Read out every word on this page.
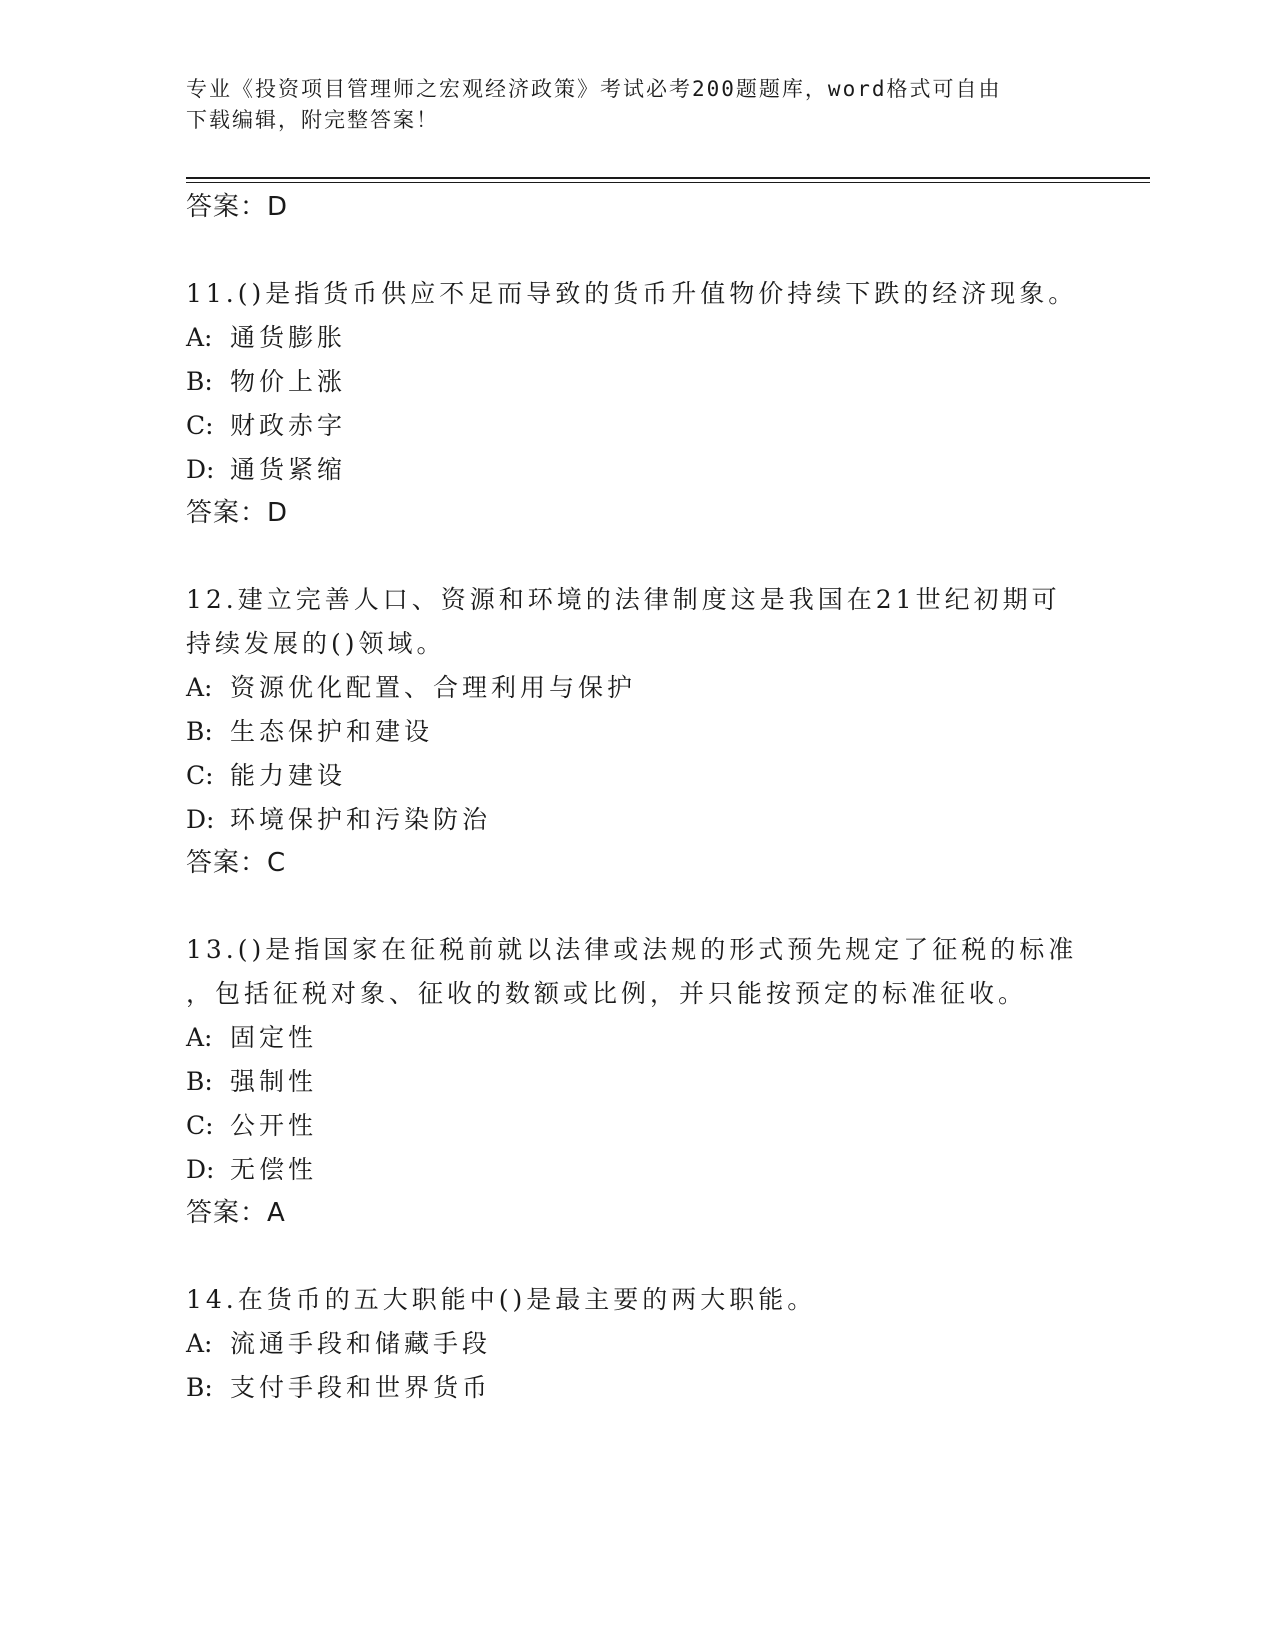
专业《投资项目管理师之宏观经济政策》考试必考200题题库，word格式可自由
下载编辑，附完整答案！
答案：D
11.()是指货币供应不足而导致的货币升值物价持续下跌的经济现象。
A: 通货膨胀
B: 物价上涨
C: 财政赤字
D: 通货紧缩
答案：D
12.建立完善人口、资源和环境的法律制度这是我国在21世纪初期可
持续发展的()领域。
A: 资源优化配置、合理利用与保护
B: 生态保护和建设
C: 能力建设
D: 环境保护和污染防治
答案：C
13.()是指国家在征税前就以法律或法规的形式预先规定了征税的标准
，包括征税对象、征收的数额或比例，并只能按预定的标准征收。
A: 固定性
B: 强制性
C: 公开性
D: 无偿性
答案：A
14.在货币的五大职能中()是最主要的两大职能。
A: 流通手段和储藏手段
B: 支付手段和世界货币
